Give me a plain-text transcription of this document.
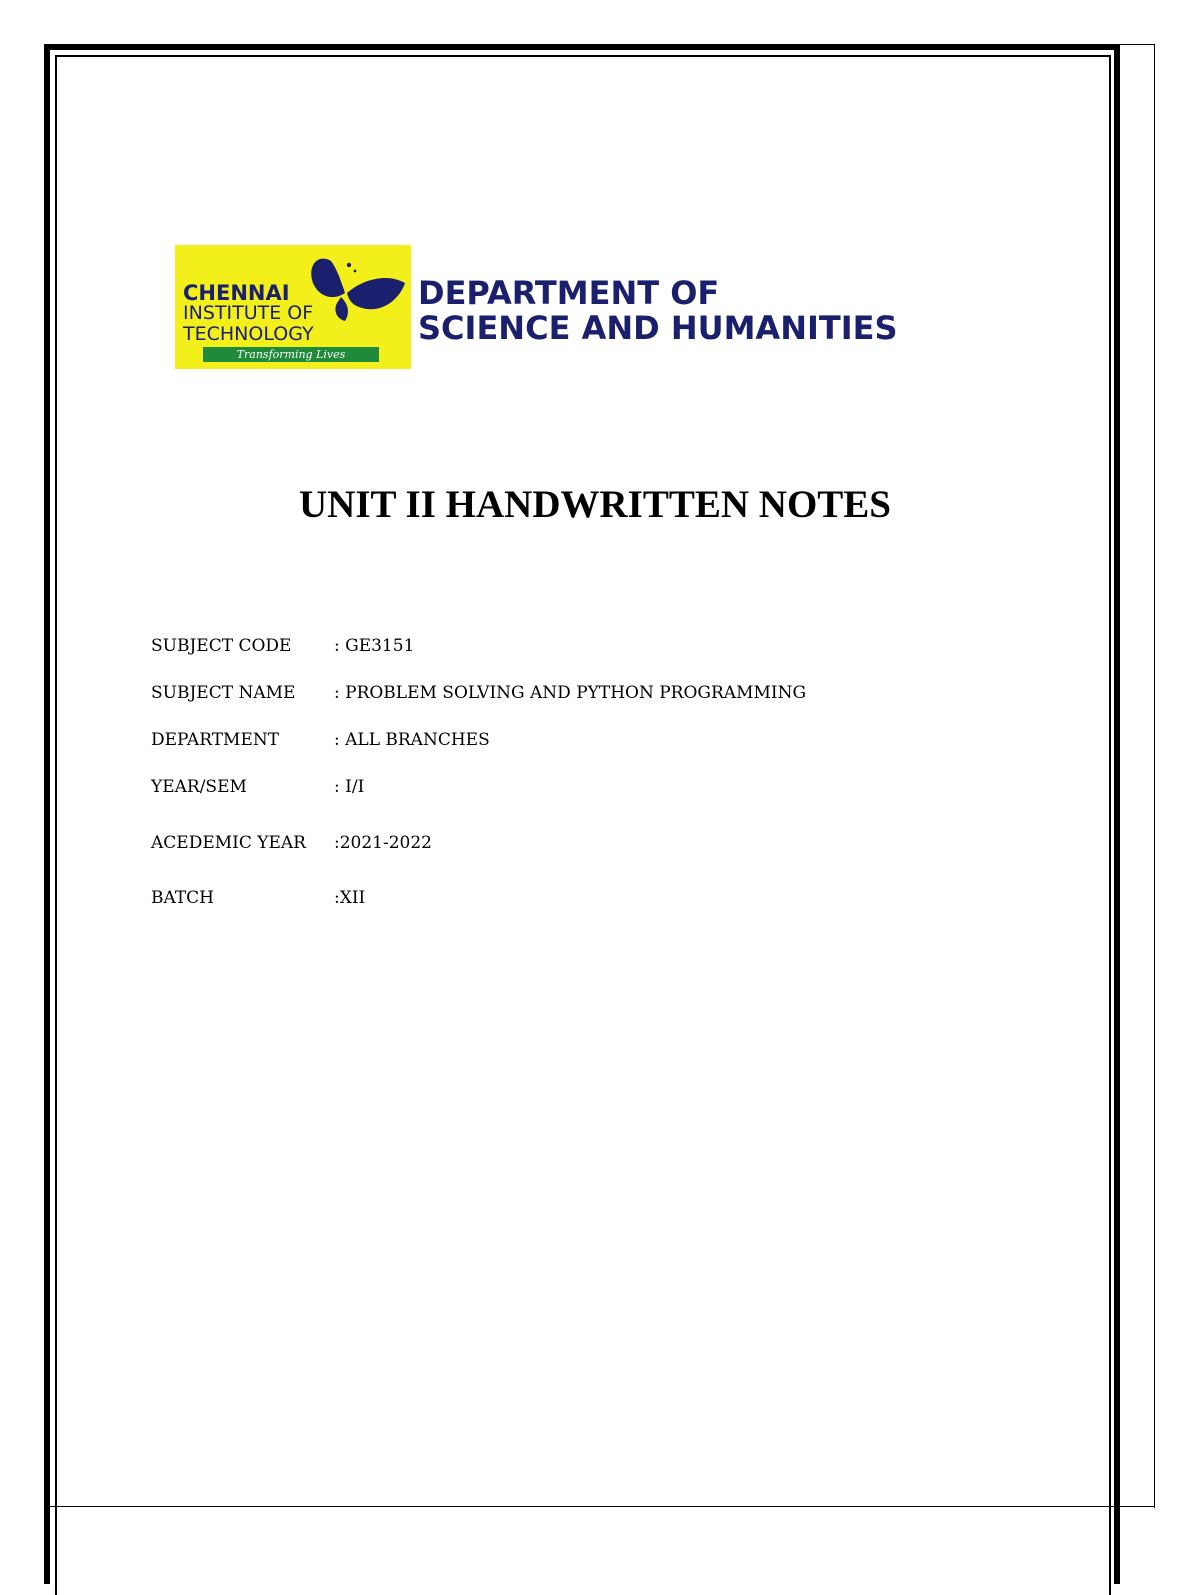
CHENNAI
INSTITUTE OF
TECHNOLOGY
Transforming Lives
DEPARTMENT OF
SCIENCE AND HUMANITIES
UNIT II HANDWRITTEN NOTES
SUBJECT CODE	: GE3151
SUBJECT NAME : PROBLEM SOLVING AND PYTHON PROGRAMMING
DEPARTMENT	: ALL BRANCHES
YEAR/SEM	: I/I
ACEDEMIC YEAR :2021-2022
BATCH	:XII
